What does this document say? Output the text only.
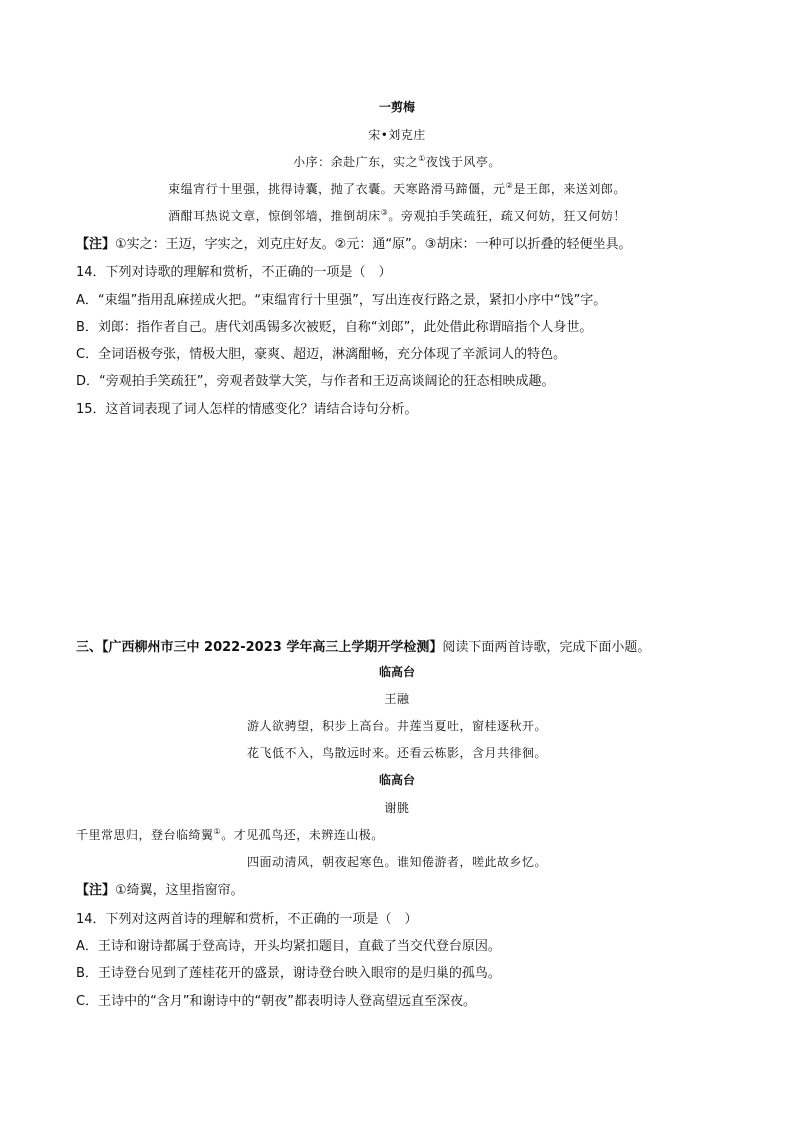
一剪梅
宋•刘克庄
小序：余赴广东，实之①夜饯于风亭。
束缊宵行十里强，挑得诗囊，抛了衣囊。天寒路滑马蹄僵，元②是王郎，来送刘郎。
酒酣耳热说文章，惊倒邻墙，推倒胡床③。旁观拍手笑疏狂，疏又何妨，狂又何妨！
【注】①实之：王迈，字实之，刘克庄好友。②元：通“原”。③胡床：一种可以折叠的轻便坐具。
14．下列对诗歌的理解和赏析，不正确的一项是（　）
A．“束缊”指用乱麻搓成火把。“束缊宵行十里强”，写出连夜行路之景，紧扣小序中“饯”字。
B．刘郎：指作者自己。唐代刘禹锡多次被贬，自称“刘郎”，此处借此称谓暗指个人身世。
C．全词语极夸张，情极大胆，豪爽、超迈，淋漓酣畅，充分体现了辛派词人的特色。
D．“旁观拍手笑疏狂”，旁观者鼓掌大笑，与作者和王迈高谈阔论的狂态相映成趣。
15．这首词表现了词人怎样的情感变化？请结合诗句分析。
三、【广西柳州市三中 2022-2023 学年高三上学期开学检测】阅读下面两首诗歌，完成下面小题。
临高台
王融
游人欲骋望，积步上高台。井莲当夏吐，窗桂逐秋开。
花飞低不入，鸟散远时来。还看云栋影，含月共徘徊。
临高台
谢朓
千里常思归，登台临绮翼①。才见孤鸟还，未辨连山极。
四面动清风，朝夜起寒色。谁知倦游者，嗟此故乡忆。
【注】①绮翼，这里指窗帘。
14．下列对这两首诗的理解和赏析，不正确的一项是（　）
A．王诗和谢诗都属于登高诗，开头均紧扣题目，直截了当交代登台原因。
B．王诗登台见到了莲桂花开的盛景，谢诗登台映入眼帘的是归巢的孤鸟。
C．王诗中的“含月”和谢诗中的“朝夜”都表明诗人登高望远直至深夜。
